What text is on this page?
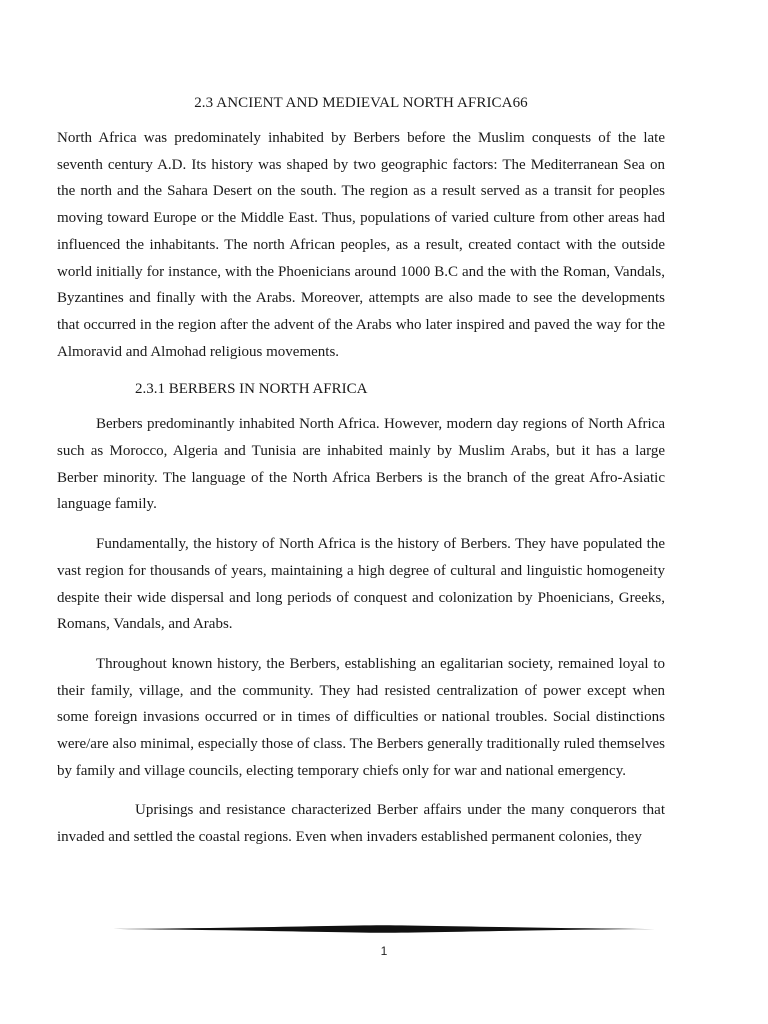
2.3 ANCIENT AND MEDIEVAL NORTH AFRICA66

North Africa was predominately inhabited by Berbers before the Muslim conquests of the late seventh century A.D. Its history was shaped by two geographic factors: The Mediterranean Sea on the north and the Sahara Desert on the south. The region as a result served as a transit for peoples moving toward Europe or the Middle East. Thus, populations of varied culture from other areas had influenced the inhabitants. The north African peoples, as a result, created contact with the outside world initially for instance, with the Phoenicians around 1000 B.C and the with the Roman, Vandals, Byzantines and finally with the Arabs. Moreover, attempts are also made to see the developments that occurred in the region after the advent of the Arabs who later inspired and paved the way for the Almoravid and Almohad religious movements.

2.3.1 BERBERS IN NORTH AFRICA

Berbers predominantly inhabited North Africa. However, modern day regions of North Africa such as Morocco, Algeria and Tunisia are inhabited mainly by Muslim Arabs, but it has a large Berber minority. The language of the North Africa Berbers is the branch of the great Afro-Asiatic language family.

Fundamentally, the history of North Africa is the history of Berbers. They have populated the vast region for thousands of years, maintaining a high degree of cultural and linguistic homogeneity despite their wide dispersal and long periods of conquest and colonization by Phoenicians, Greeks, Romans, Vandals, and Arabs.

Throughout known history, the Berbers, establishing an egalitarian society, remained loyal to their family, village, and the community. They had resisted centralization of power except when some foreign invasions occurred or in times of difficulties or national troubles. Social distinctions were/are also minimal, especially those of class. The Berbers generally traditionally ruled themselves by family and village councils, electing temporary chiefs only for war and national emergency.

Uprisings and resistance characterized Berber affairs under the many conquerors that invaded and settled the coastal regions. Even when invaders established permanent colonies, they

1
